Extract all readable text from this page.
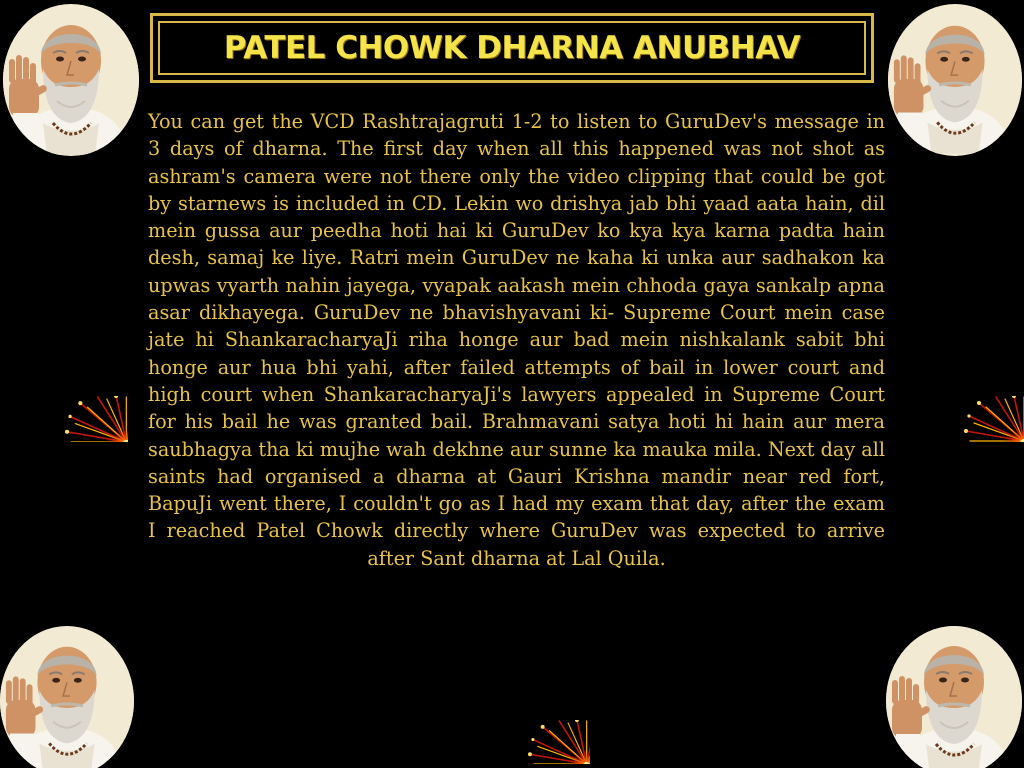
PATEL CHOWK DHARNA ANUBHAV

You can get the VCD Rashtrajagruti 1-2 to listen to GuruDev's message in 3 days of dharna. The first day when all this happened was not shot as ashram's camera were not there only the video clipping that could be got by starnews is included in CD. Lekin wo drishya jab bhi yaad aata hain, dil mein gussa aur peedha hoti hai ki GuruDev ko kya kya karna padta hain desh, samaj ke liye. Ratri mein GuruDev ne kaha ki unka aur sadhakon ka upwas vyarth nahin jayega, vyapak aakash mein chhoda gaya sankalp apna asar dikhayega. GuruDev ne bhavishyavani ki- Supreme Court mein case jate hi ShankaracharyaJi riha honge aur bad mein nishkalank sabit bhi honge aur hua bhi yahi, after failed attempts of bail in lower court and high court when ShankaracharyaJi's lawyers appealed in Supreme Court for his bail he was granted bail. Brahmavani satya hoti hi hain aur mera saubhagya tha ki mujhe wah dekhne aur sunne ka mauka mila. Next day all saints had organised a dharna at Gauri Krishna mandir near red fort, BapuJi went there, I couldn't go as I had my exam that day, after the exam I reached Patel Chowk directly where GuruDev was expected to arrive after Sant dharna at Lal Quila.
